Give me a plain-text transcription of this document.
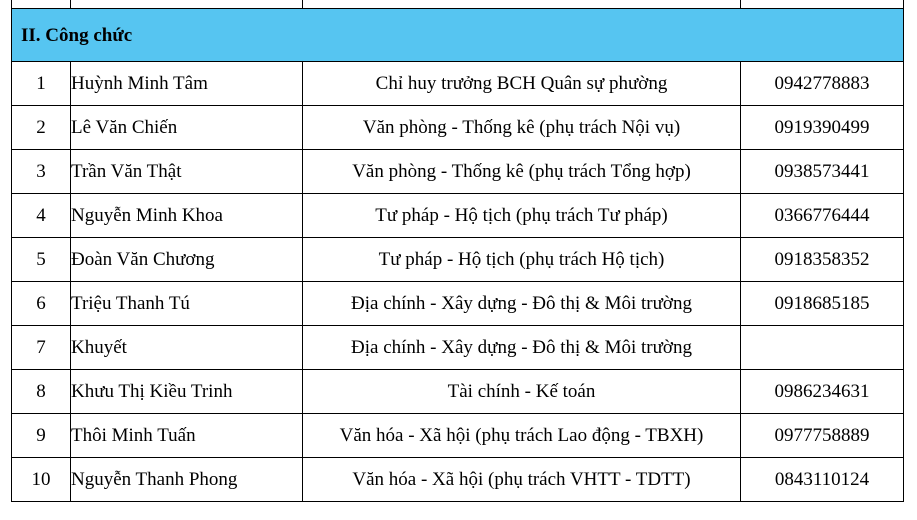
II. Công chức			
1	Huỳnh Minh Tâm	Chỉ huy trưởng BCH Quân sự phường	0942778883
2	Lê Văn Chiến	Văn phòng - Thống kê (phụ trách Nội vụ)	0919390499
3	Trần Văn Thật	Văn phòng - Thống kê (phụ trách Tổng hợp)	0938573441
4	Nguyễn Minh Khoa	Tư pháp - Hộ tịch (phụ trách Tư pháp)	0366776444
5	Đoàn Văn Chương	Tư pháp - Hộ tịch (phụ trách Hộ tịch)	0918358352
6	Triệu Thanh Tú	Địa chính - Xây dựng - Đô thị & Môi trường	0918685185
7	Khuyết	Địa chính - Xây dựng - Đô thị & Môi trường	
8	Khưu Thị Kiều Trinh	Tài chính - Kế toán	0986234631
9	Thôi Minh Tuấn	Văn hóa - Xã hội (phụ trách Lao động - TBXH)	0977758889
10	Nguyễn Thanh Phong	Văn hóa - Xã hội (phụ trách VHTT - TDTT)	0843110124
